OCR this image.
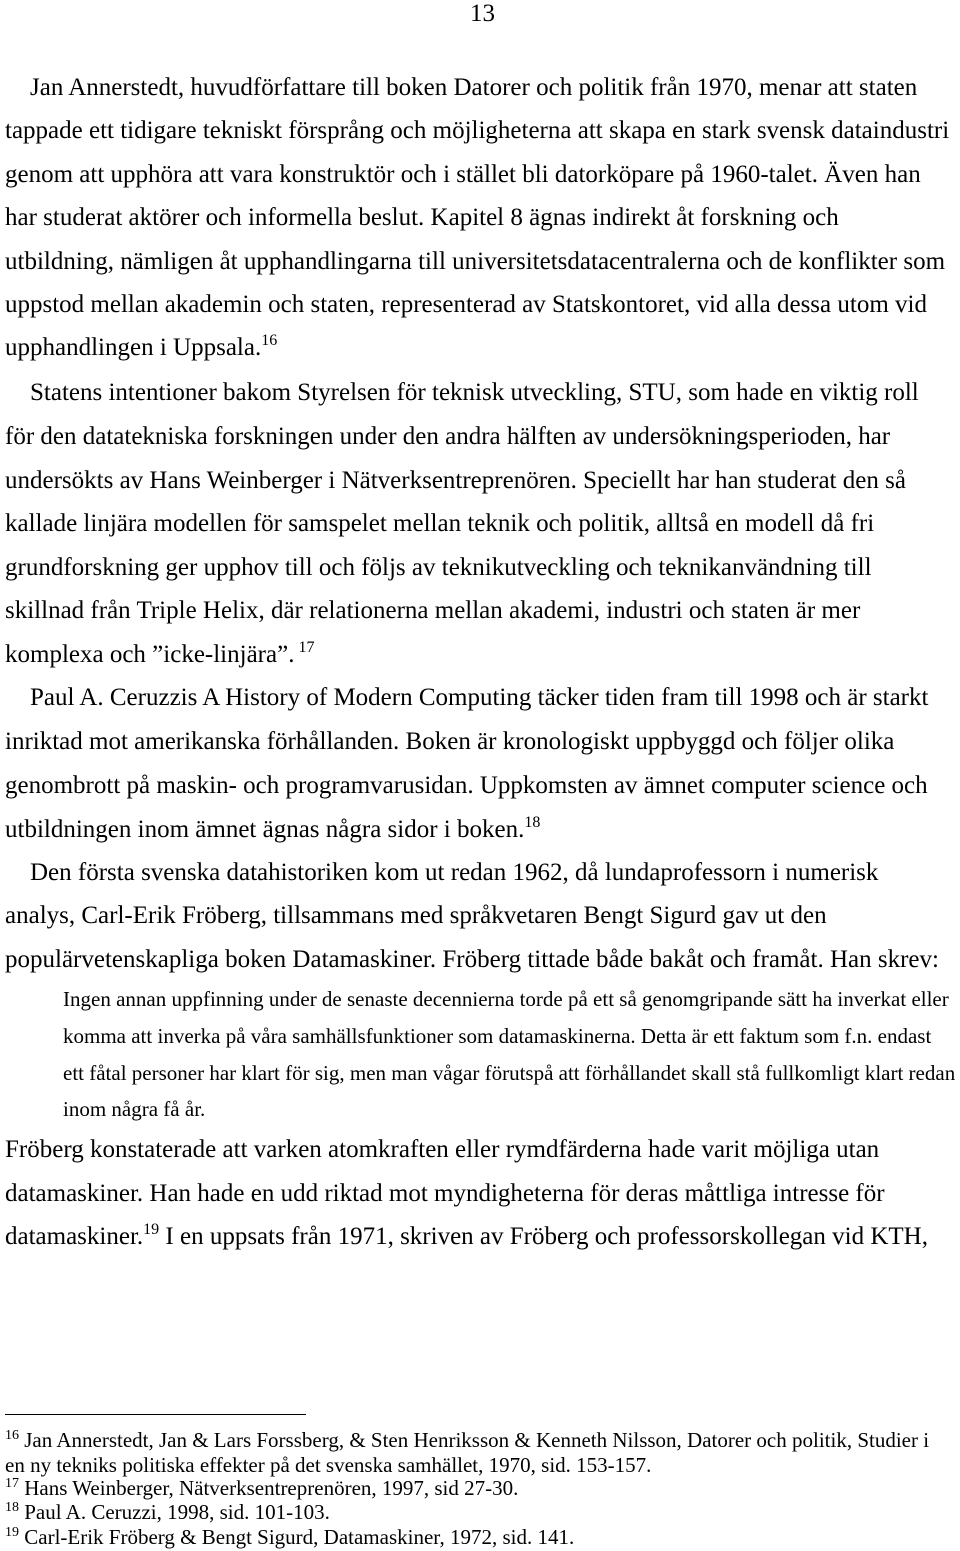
13
Jan Annerstedt, huvudförfattare till boken Datorer och politik från 1970, menar att staten
tappade ett tidigare tekniskt försprång och möjligheterna att skapa en stark svensk dataindustri
genom att upphöra att vara konstruktör och i stället bli datorköpare på 1960-talet. Även han
har studerat aktörer och informella beslut. Kapitel 8 ägnas indirekt åt forskning och
utbildning, nämligen åt upphandlingarna till universitetsdatacentralerna och de konflikter som
uppstod mellan akademin och staten, representerad av Statskontoret, vid alla dessa utom vid
upphandlingen i Uppsala.$^{16}$
Statens intentioner bakom Styrelsen för teknisk utveckling, STU, som hade en viktig roll
för den datatekniska forskningen under den andra hälften av undersökningsperioden, har
undersökts av Hans Weinberger i Nätverksentreprenören. Speciellt har han studerat den så
kallade linjära modellen för samspelet mellan teknik och politik, alltså en modell då fri
grundforskning ger upphov till och följs av teknikutveckling och teknikanvändning till
skillnad från Triple Helix, där relationerna mellan akademi, industri och staten är mer
komplexa och ”icke-linjära”. $^{17}$
Paul A. Ceruzzis A History of Modern Computing täcker tiden fram till 1998 och är starkt
inriktad mot amerikanska förhållanden. Boken är kronologiskt uppbyggd och följer olika
genombrott på maskin- och programvarusidan. Uppkomsten av ämnet computer science och
utbildningen inom ämnet ägnas några sidor i boken.$^{18}$
Den första svenska datahistoriken kom ut redan 1962, då lundaprofessorn i numerisk
analys, Carl-Erik Fröberg, tillsammans med språkvetaren Bengt Sigurd gav ut den
populärvetenskapliga boken Datamaskiner. Fröberg tittade både bakåt och framåt. Han skrev:
Ingen annan uppfinning under de senaste decennierna torde på ett så genomgripande sätt ha inverkat eller
komma att inverka på våra samhällsfunktioner som datamaskinerna. Detta är ett faktum som f.n. endast
ett fåtal personer har klart för sig, men man vågar förutspå att förhållandet skall stå fullkomligt klart redan
inom några få år.
Fröberg konstaterade att varken atomkraften eller rymdfärderna hade varit möjliga utan
datamaskiner. Han hade en udd riktad mot myndigheterna för deras måttliga intresse för
datamaskiner.$^{19}$ I en uppsats från 1971, skriven av Fröberg och professorskollegan vid KTH,
$^{16}$ Jan Annerstedt, Jan & Lars Forssberg, & Sten Henriksson & Kenneth Nilsson, Datorer och politik, Studier i
en ny tekniks politiska effekter på det svenska samhället, 1970, sid. 153-157.
$^{17}$ Hans Weinberger, Nätverksentreprenören, 1997, sid 27-30.
$^{18}$ Paul A. Ceruzzi, 1998, sid. 101-103.
$^{19}$ Carl-Erik Fröberg & Bengt Sigurd, Datamaskiner, 1972, sid. 141.
